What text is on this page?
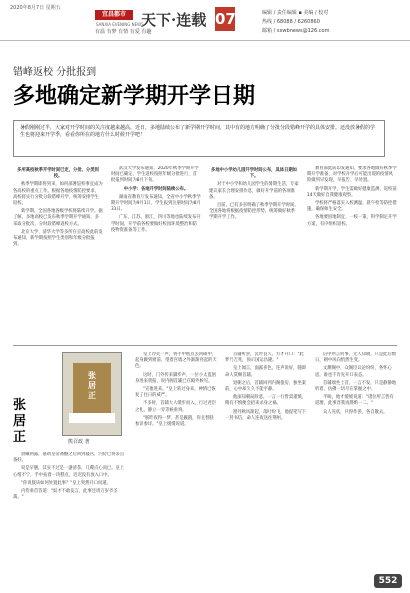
2020年8月7日 星期五
宜昌都市
SANXIA EVENING NEWS
有温 有梦 有情 有爱 有趣
天下·连载 07	编辑 / 责任编辑 ▪ 美编 / 校对
热线 / 68088 / 6260860
邮箱 / sxwbnews@126.com
错峰返校 分批报到
多地确定新学期开学日期
暑假刚刚过半，大家对开学时间的关注度越来越高。近日，多地陆续公布了新学期开学时间，其中有的地方明确了分批分段错峰开学的具体安排。还没放暑假的学生也将迎来开学季，看看你所在的地方什么时候开学吧！

多所高校秋季开学时间已定，分批、分类到校。

秋季学期即将到来，如何部署返校事宜成为各高校的重点工作。根据各地疫情防控要求，高校将实行分批分段错峰开学，统筹安排学生返校。

新学期，全国各地各级学校将陆续开学。据了解，多地高校已发布秋季学期开学通知，多采取分批次、分时段错峰返校方式。

北京大学、清华大学等多所在京高校此前发布通知，新学期按照学生类别和年级分批报到。

武汉大学发布通知，2020年秋季学期开学时间已确定，学生返校按照年级分批进行，首批报到时间为8月下旬。

中小学：各地开学时间陆续公布。

湖南省教育厅发布通知，全省中小学秋季学期开学时间为9月1日，学生报到注册时间为8月31日。

广东、江苏、浙江、四川等地也陆续发布开学时间，开学前各校要做好校园环境整治和防疫物资准备等工作。

多地中小学幼儿园开学时间公布，具体日期如下。

对于中小学和幼儿园学生的暑期生活，专家建议家长合理安排作息，做好开学前的各项准备。

目前，已有多省明确了秋季学期开学时间。全国各地将根据疫情防控形势，统筹做好秋季学期开学工作。

教育部此前印发通知，要求各地做好秋季学期开学准备，对学校开学后可能出现的疫情风险做到早发现、早报告、早处置。

新学期开学，学生需做好健康监测，返校前14天做好自我健康观察。

学校将严格落实入校测温、晨午检等防控措施，确保师生安全。

各地要因地制宜、一校一策，科学制定开学方案，有序组织返校。

张居正
张居正
熊召政 著

晨曦初露，嘉靖皇帝斋醮之后回到寝宫，内侍已将茶点备好。

说是早膳，其实不过是一盏清茶，几碟点心而已。皇上心绪不宁，手中拈着一块糕点，迟迟没有放入口中。

"你说朕该如何处置此事？"皇上突然开口问道。

内侍垂首答道："奴才不敢妄言，此事还请万岁爷圣裁。"

皇上冷笑一声，将手中糕点丢回碟中，起身踱到窗前，望着宫墙之外渐渐亮起的天色。

这时，门外传来脚步声，一位小太监躬身进来禀报，说内阁首辅已在殿外候见。

"宣他进来。"皇上转过身来，神情已恢复了往日的威严。

不多时，首辅大人缓步而入，行过君臣之礼，静立一旁等候垂询。

"朕昨夜得一梦，甚是蹊跷，你且替朕参详参详。"皇上缓缓说道。

首辅听罢，沉吟良久，方才开口："此梦乃吉兆，预示国运昌隆。"

皇上闻言，面露喜色，连声说好，随即命人赏赐首辅。

退朝之后，首辅回到内阁值房，独坐案前，心中却久久不能平静。

他深知朝局险恶，一言一行皆需谨慎，稍有不慎便会招来杀身之祸。

窗外秋风渐起，落叶纷飞，他提笔写下一封书信，命人连夜送往荆州。

信中所言何事，无人知晓，只是此后数日，朝中风向悄然生变。

文渊阁中，众阁臣议论纷纷，各怀心思，谁也不肯先开口表态。

首辅端坐上首，一言不发，只是静静地听着，仿佛一切尽在掌握之中。

半晌，他才缓缓说道："诸位所言皆有道理，此事容我再斟酌一二。"

众人见状，只得作罢，各自散去。

552
